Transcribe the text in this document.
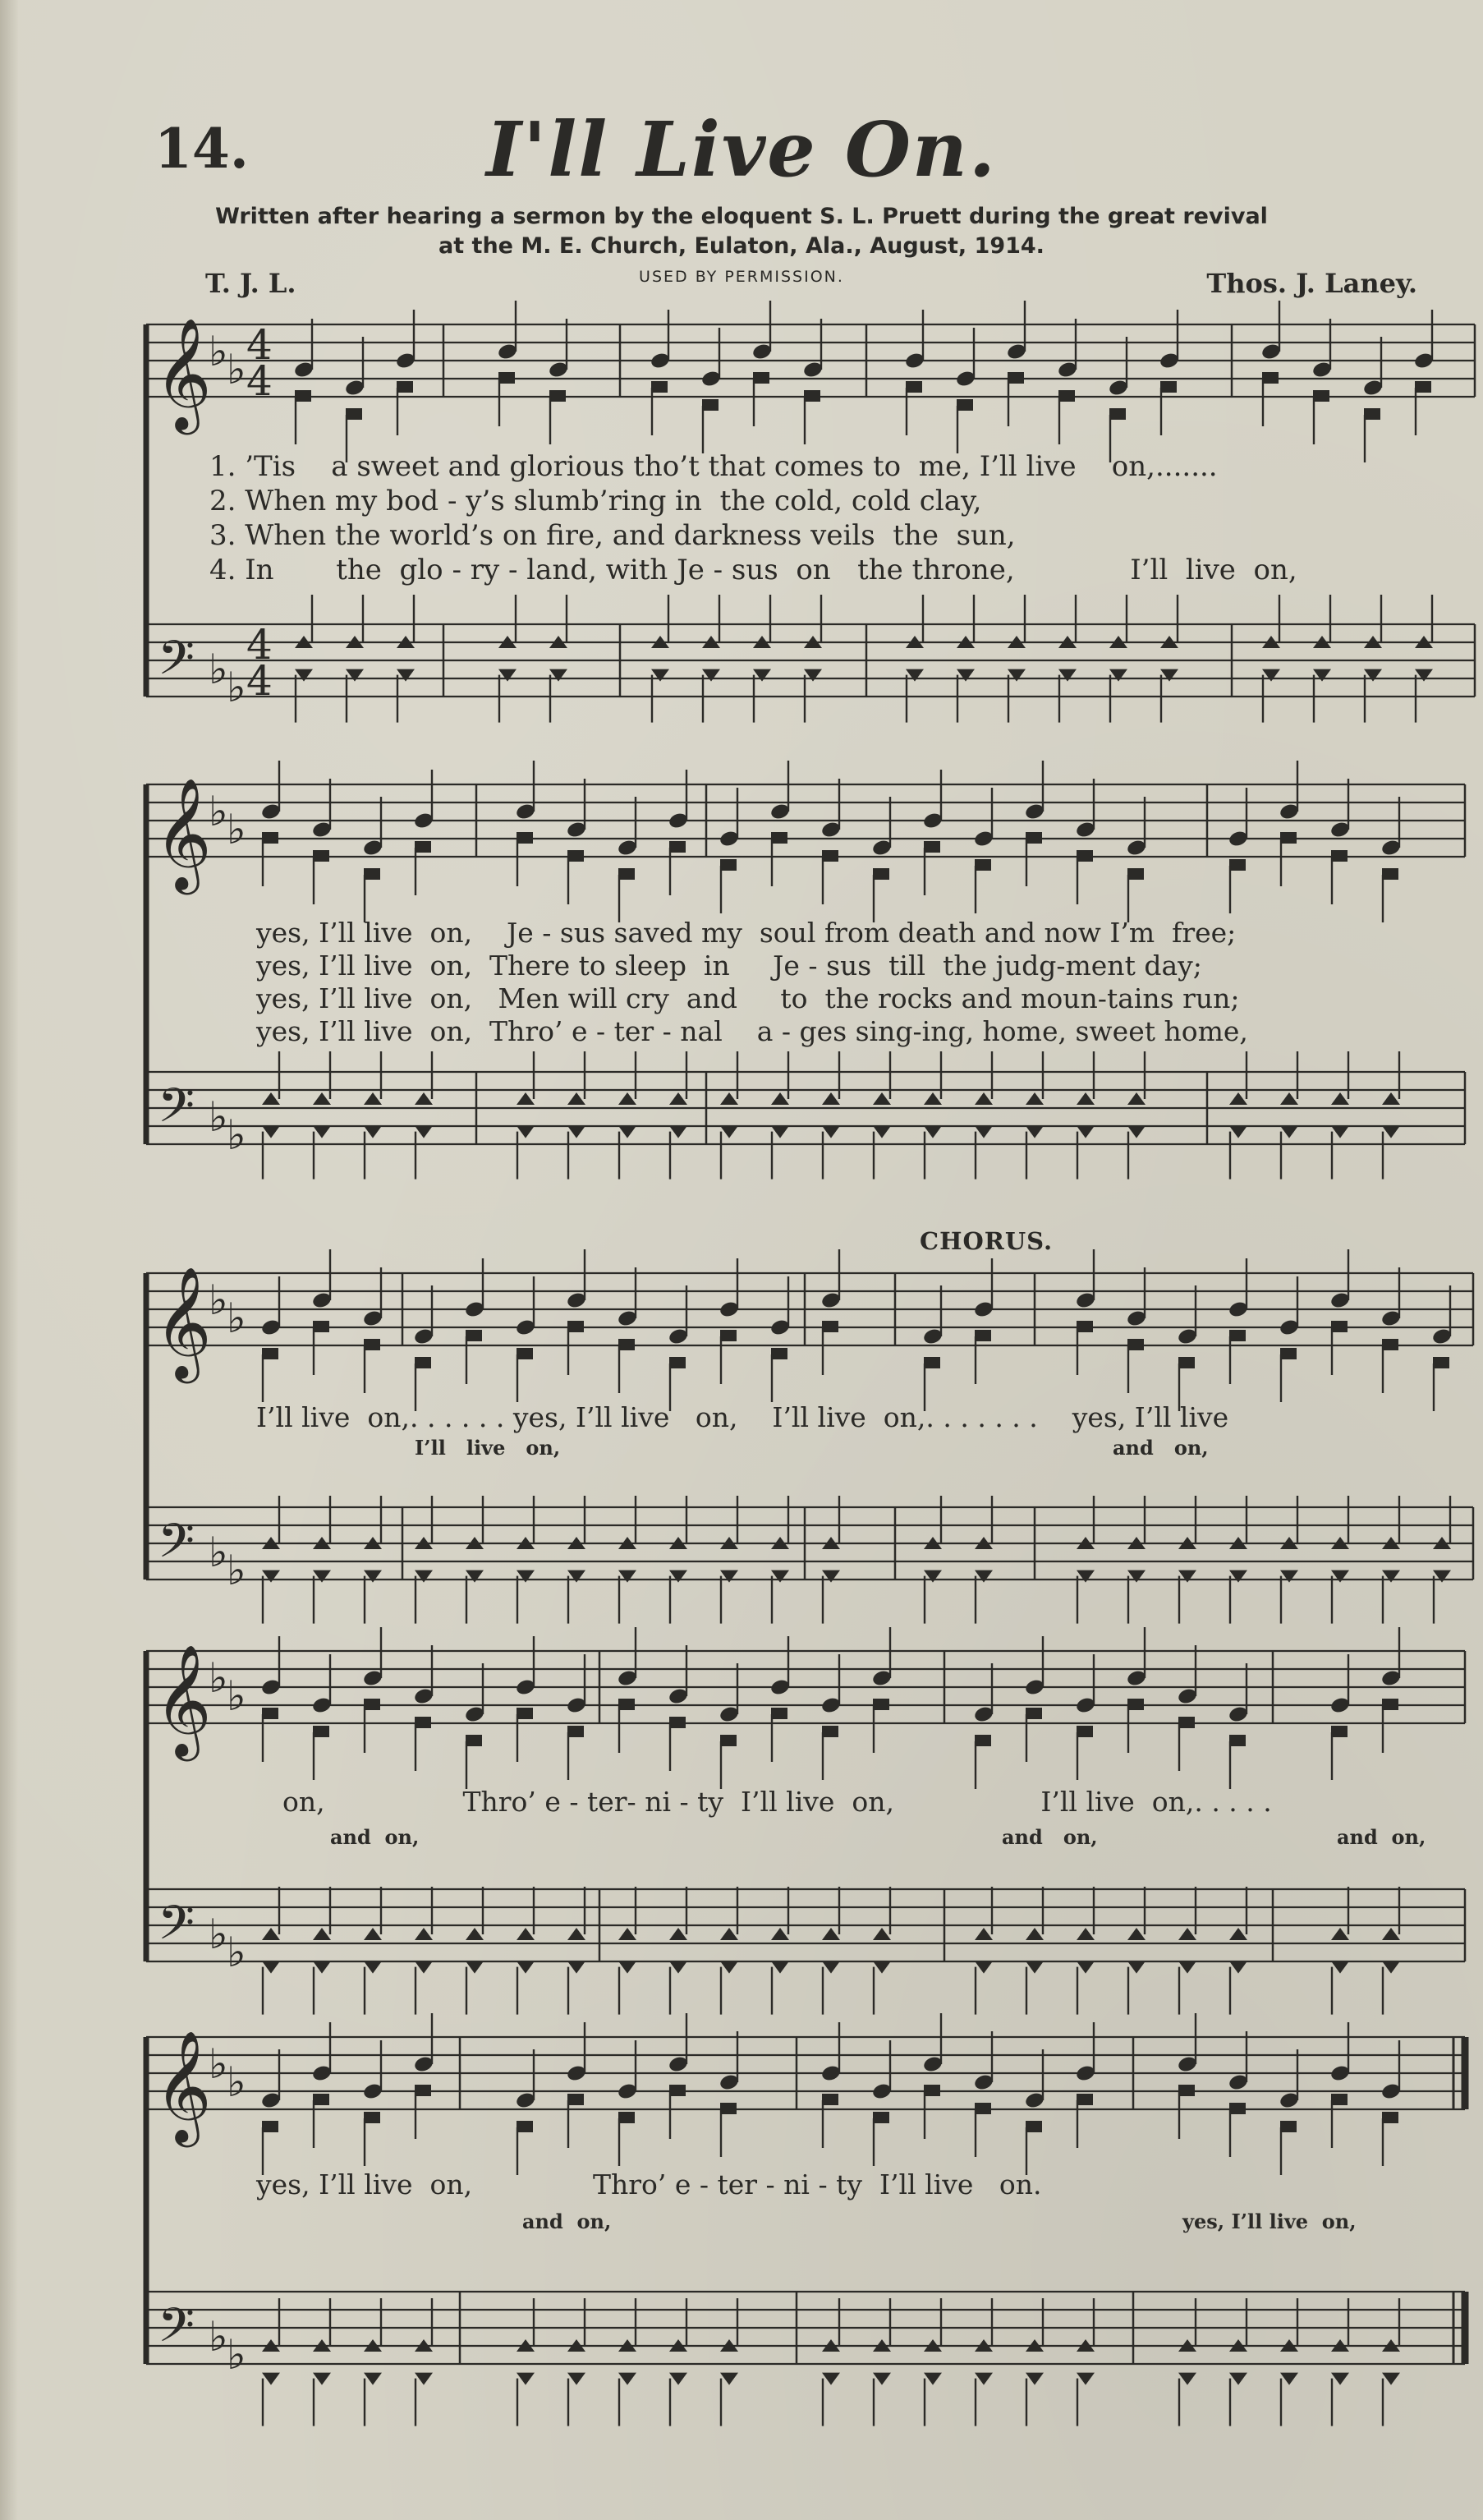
14.	I'll Live On.
Written after hearing a sermon by the eloquent S. L. Pruett during the great revival
at the M. E. Church, Eulaton, Ala., August, 1914.
USED BY PERMISSION.
T. J. L.	Thos. J. Laney.
𝄞
𝄢
♭
♭
♭
♭
4
4
4
4
𝄞
𝄢
♭
♭
♭
♭
𝄞
𝄢
♭
♭
♭
♭
𝄞
𝄢
♭
♭
♭
♭
𝄞
𝄢
♭
♭
♭
♭
1. ’Tis    a sweet and glorious tho’t that comes to  me, I’ll live    on,.......
2. When my bod - y’s slumb’ring in  the cold, cold clay,
3. When the world’s on fire, and darkness veils  the  sun,
4. In       the  glo - ry - land, with Je - sus  on   the throne,             I’ll  live  on,
yes, I’ll live  on,    Je - sus saved my  soul from death and now I’m  free;
yes, I’ll live  on,  There to sleep  in     Je - sus  till  the judg-ment day;
yes, I’ll live  on,   Men will cry  and     to  the rocks and moun-tains run;
yes, I’ll live  on,  Thro’ e - ter - nal    a - ges sing-ing, home, sweet home,
CHORUS.
I’ll live  on,. . . . . . yes, I’ll live   on,    I’ll live  on,. . . . . . .    yes, I’ll live
I’ll   live   on,	and   on,
on,                Thro’ e - ter- ni - ty  I’ll live  on,                 I’ll live  on,. . . . .
and  on,	and   on,	and  on,
yes, I’ll live  on,              Thro’ e - ter - ni - ty  I’ll live   on.
and  on,	yes, I’ll live  on,
